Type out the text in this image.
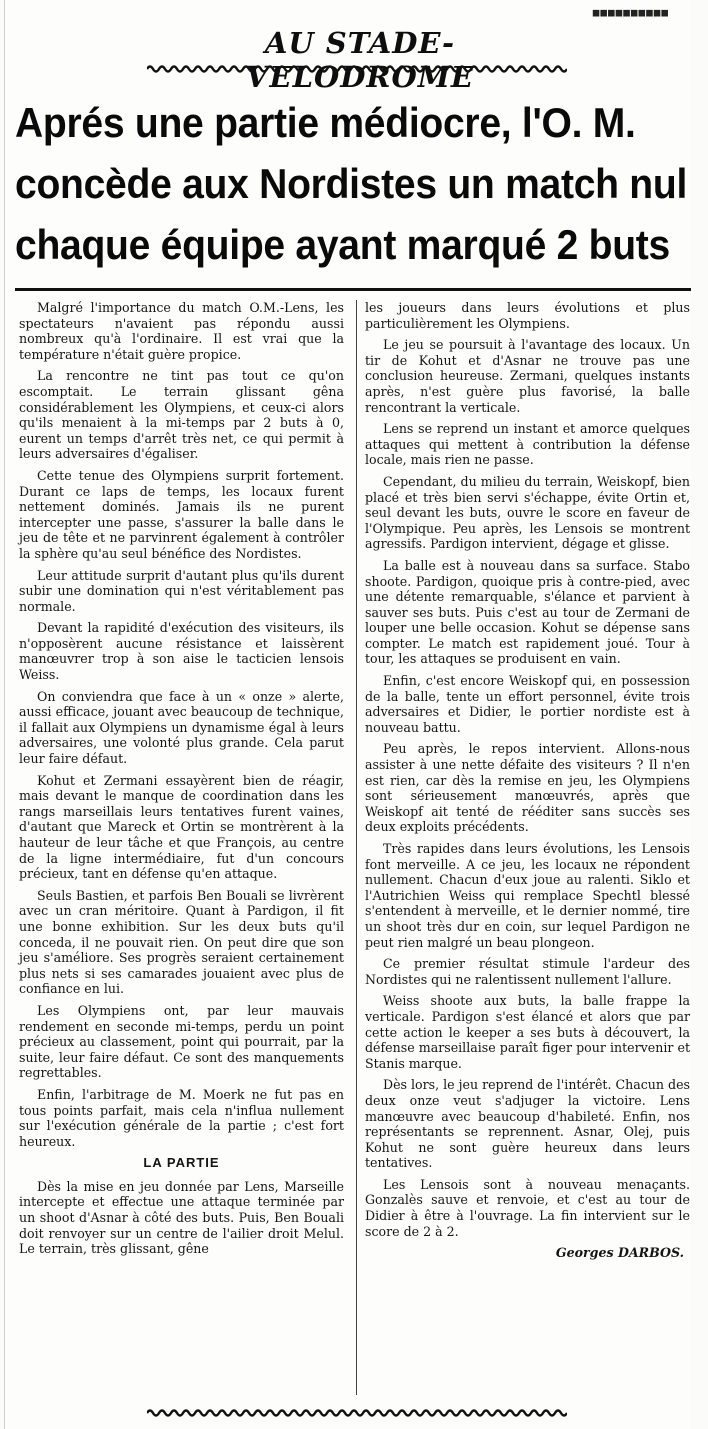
■■■■■■■■■■
AU STADE-VELODROME
Aprés une partie médiocre, l'O. M.
concède aux Nordistes un match nul
chaque équipe ayant marqué 2 buts

Malgré l'importance du match O.M.-Lens, les spectateurs n'avaient pas répondu aussi nombreux qu'à l'ordinaire. Il est vrai que la température n'était guère propice.

La rencontre ne tint pas tout ce qu'on escomptait. Le terrain glissant gêna considérablement les Olympiens, et ceux-ci alors qu'ils menaient à la mi-temps par 2 buts à 0, eurent un temps d'arrêt très net, ce qui permit à leurs adversaires d'égaliser.

Cette tenue des Olympiens surprit fortement. Durant ce laps de temps, les locaux furent nettement dominés. Jamais ils ne purent intercepter une passe, s'assurer la balle dans le jeu de tête et ne parvinrent également à contrôler la sphère qu'au seul bénéfice des Nordistes.

Leur attitude surprit d'autant plus qu'ils durent subir une domination qui n'est véritablement pas normale.

Devant la rapidité d'exécution des visiteurs, ils n'opposèrent aucune résistance et laissèrent manœuvrer trop à son aise le tacticien lensois Weiss.

On conviendra que face à un « onze » alerte, aussi efficace, jouant avec beaucoup de technique, il fallait aux Olympiens un dynamisme égal à leurs adversaires, une volonté plus grande. Cela parut leur faire défaut.

Kohut et Zermani essayèrent bien de réagir, mais devant le manque de coordination dans les rangs marseillais leurs tentatives furent vaines, d'autant que Mareck et Ortin se montrèrent à la hauteur de leur tâche et que François, au centre de la ligne intermédiaire, fut d'un concours précieux, tant en défense qu'en attaque.

Seuls Bastien, et parfois Ben Bouali se livrèrent avec un cran méritoire. Quant à Pardigon, il fit une bonne exhibition. Sur les deux buts qu'il conceda, il ne pouvait rien. On peut dire que son jeu s'améliore. Ses progrès seraient certainement plus nets si ses camarades jouaient avec plus de confiance en lui.

Les Olympiens ont, par leur mauvais rendement en seconde mi-temps, perdu un point précieux au classement, point qui pourrait, par la suite, leur faire défaut. Ce sont des manquements regrettables.

Enfin, l'arbitrage de M. Moerk ne fut pas en tous points parfait, mais cela n'influa nullement sur l'exécution générale de la partie ; c'est fort heureux.

LA PARTIE

Dès la mise en jeu donnée par Lens, Marseille intercepte et effectue une attaque terminée par un shoot d'Asnar à côté des buts. Puis, Ben Bouali doit renvoyer sur un centre de l'ailier droit Melul. Le terrain, très glissant, gêne

les joueurs dans leurs évolutions et plus particulièrement les Olympiens.

Le jeu se poursuit à l'avantage des locaux. Un tir de Kohut et d'Asnar ne trouve pas une conclusion heureuse. Zermani, quelques instants après, n'est guère plus favorisé, la balle rencontrant la verticale.

Lens se reprend un instant et amorce quelques attaques qui mettent à contribution la défense locale, mais rien ne passe.

Cependant, du milieu du terrain, Weiskopf, bien placé et très bien servi s'échappe, évite Ortin et, seul devant les buts, ouvre le score en faveur de l'Olympique. Peu après, les Lensois se montrent agressifs. Pardigon intervient, dégage et glisse.

La balle est à nouveau dans sa surface. Stabo shoote. Pardigon, quoique pris à contre-pied, avec une détente remarquable, s'élance et parvient à sauver ses buts. Puis c'est au tour de Zermani de louper une belle occasion. Kohut se dépense sans compter. Le match est rapidement joué. Tour à tour, les attaques se produisent en vain.

Enfin, c'est encore Weiskopf qui, en possession de la balle, tente un effort personnel, évite trois adversaires et Didier, le portier nordiste est à nouveau battu.

Peu après, le repos intervient. Allons-nous assister à une nette défaite des visiteurs ? Il n'en est rien, car dès la remise en jeu, les Olympiens sont sérieusement manœuvrés, après que Weiskopf ait tenté de rééditer sans succès ses deux exploits précédents.

Très rapides dans leurs évolutions, les Lensois font merveille. A ce jeu, les locaux ne répondent nullement. Chacun d'eux joue au ralenti. Siklo et l'Autrichien Weiss qui remplace Spechtl blessé s'entendent à merveille, et le dernier nommé, tire un shoot très dur en coin, sur lequel Pardigon ne peut rien malgré un beau plongeon.

Ce premier résultat stimule l'ardeur des Nordistes qui ne ralentissent nullement l'allure.

Weiss shoote aux buts, la balle frappe la verticale. Pardigon s'est élancé et alors que par cette action le keeper a ses buts à découvert, la défense marseillaise paraît figer pour intervenir et Stanis marque.

Dès lors, le jeu reprend de l'intérêt. Chacun des deux onze veut s'adjuger la victoire. Lens manœuvre avec beaucoup d'habileté. Enfin, nos représentants se reprennent. Asnar, Olej, puis Kohut ne sont guère heureux dans leurs tentatives.

Les Lensois sont à nouveau menaçants. Gonzalès sauve et renvoie, et c'est au tour de Didier à être à l'ouvrage. La fin intervient sur le score de 2 à 2.

Georges DARBOS.
